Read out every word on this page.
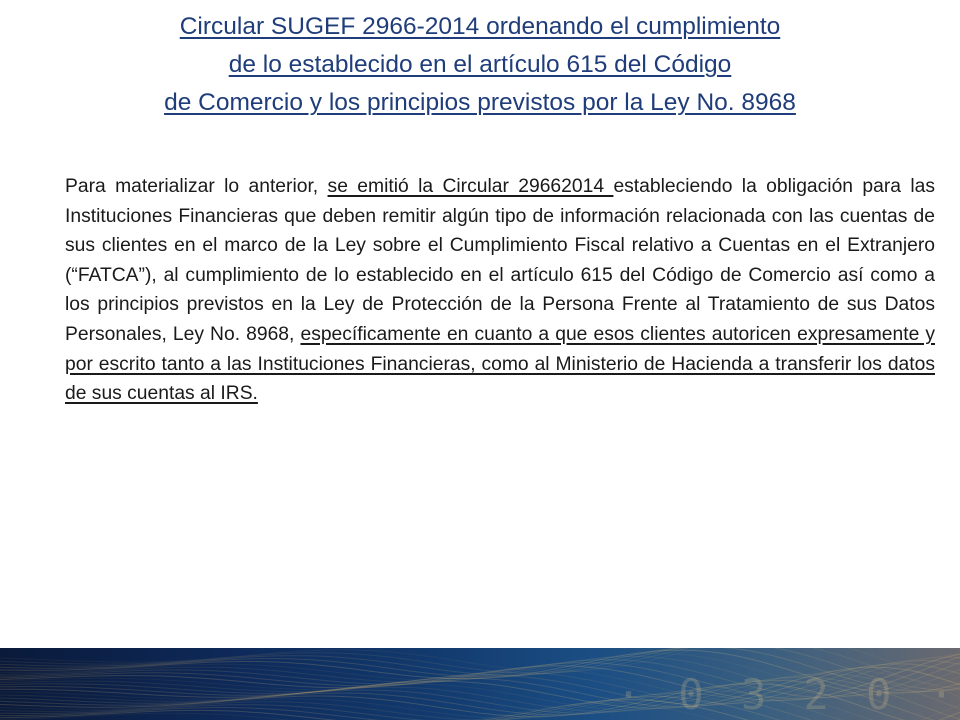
Circular SUGEF 2966-2014 ordenando el cumplimiento
de lo establecido en el artículo 615 del Código
de Comercio y los principios previstos por la Ley No. 8968
Para materializar lo anterior, se emitió la Circular 29662014 estableciendo la obligación para las Instituciones Financieras que deben remitir algún tipo de información relacionada con las cuentas de sus clientes en el marco de la Ley sobre el Cumplimiento Fiscal relativo a Cuentas en el Extranjero (“FATCA”), al cumplimiento de lo establecido en el artículo 615 del Código de Comercio así como a los principios previstos en la Ley de Protección de la Persona Frente al Tratamiento de sus Datos Personales, Ley No. 8968, específicamente en cuanto a que esos clientes autoricen expresamente y por escrito tanto a las Instituciones Financieras, como al Ministerio de Hacienda a transferir los datos de sus cuentas al IRS.
· 0 3 2 0 ·
